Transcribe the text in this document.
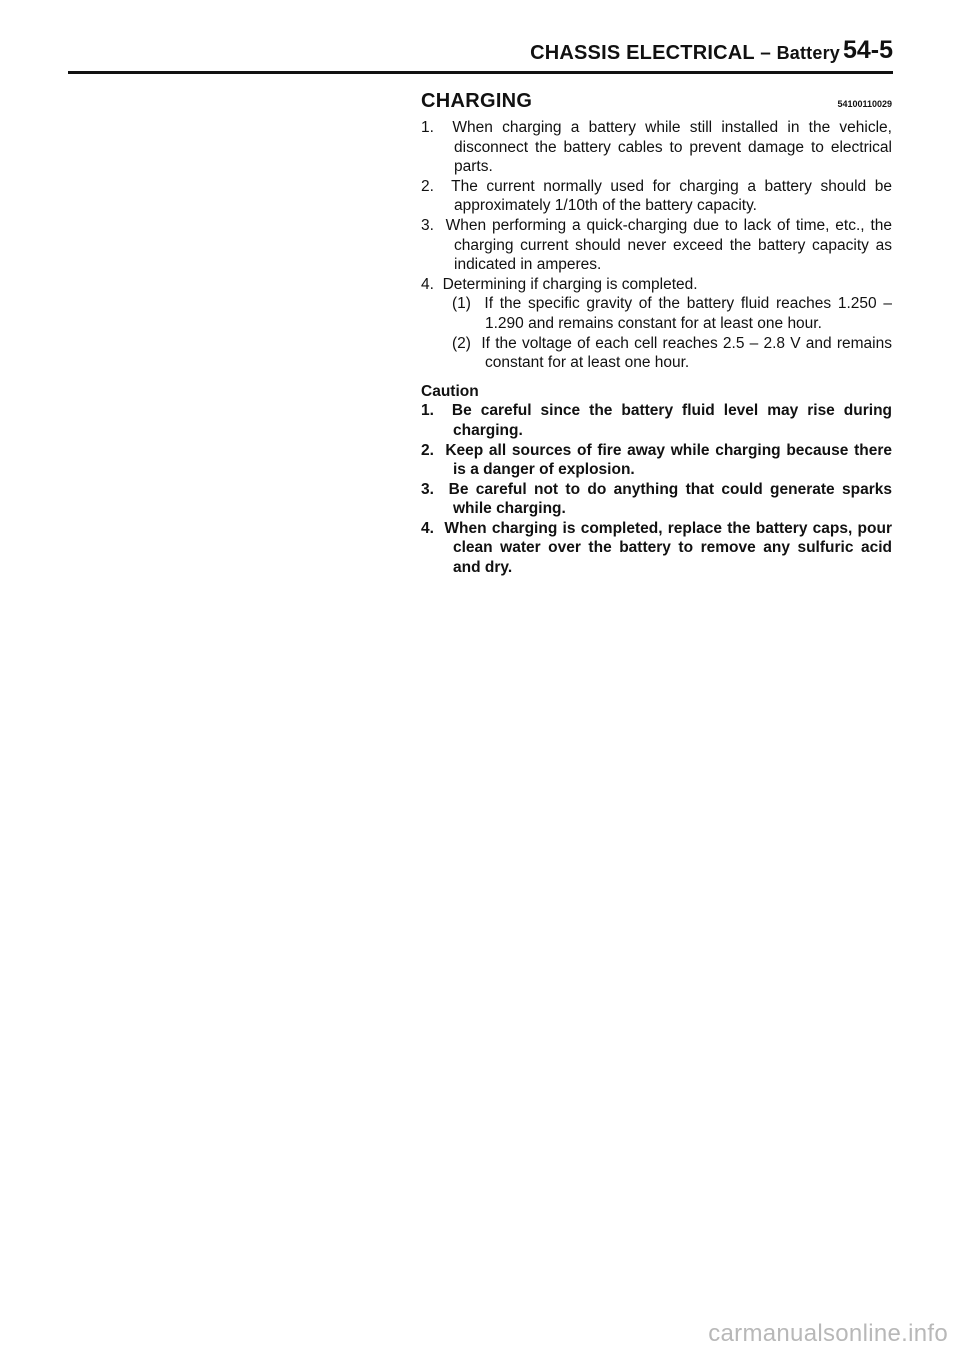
CHASSIS ELECTRICAL – Battery 54-5
CHARGING	54100110029
1. When charging a battery while still installed in the vehicle, disconnect the battery cables to prevent damage to electrical parts.
2. The current normally used for charging a battery should be approximately 1/10th of the battery capacity.
3. When performing a quick-charging due to lack of time, etc., the charging current should never exceed the battery capacity as indicated in amperes.
4. Determining if charging is completed.
(1) If the specific gravity of the battery fluid reaches 1.250 – 1.290 and remains constant for at least one hour.
(2) If the voltage of each cell reaches 2.5 – 2.8 V and remains constant for at least one hour.
Caution
1. Be careful since the battery fluid level may rise during charging.
2. Keep all sources of fire away while charging because there is a danger of explosion.
3. Be careful not to do anything that could generate sparks while charging.
4. When charging is completed, replace the battery caps, pour clean water over the battery to remove any sulfuric acid and dry.
carmanualsonline.info
